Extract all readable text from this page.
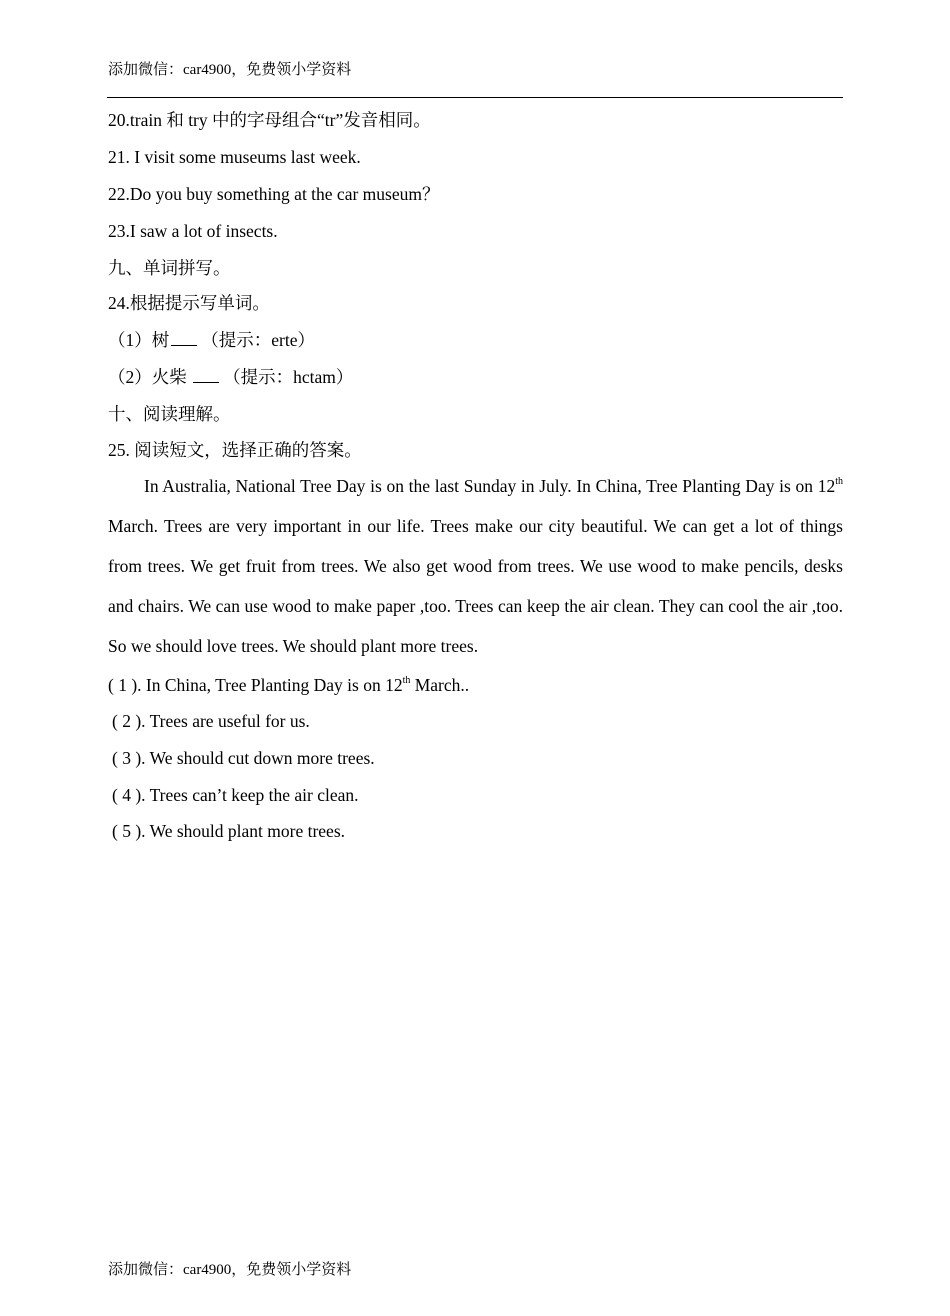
添加微信：car4900，免费领小学资料
20.train 和 try 中的字母组合“tr”发音相同。
21. I visit some museums last week.
22.Do you buy something at the car museum？
23.I saw a lot of insects.
九、单词拼写。
24.根据提示写单词。
（1）树 （提示：erte）
（2）火柴 （提示：hctam）
十、阅读理解。
25. 阅读短文，选择正确的答案。
In Australia, National Tree Day is on the last Sunday in July. In China, Tree Planting Day is on 12th March. Trees are very important in our life. Trees make our city beautiful. We can get a lot of things from trees. We get fruit from trees. We also get wood from trees. We use wood to make pencils, desks and chairs. We can use wood to make paper ,too. Trees can keep the air clean. They can cool the air ,too. So we should love trees. We should plant more trees.
( 1 ). In China, Tree Planting Day is on 12th March..
( 2 ). Trees are useful for us.
( 3 ). We should cut down more trees.
( 4 ). Trees can’t keep the air clean.
( 5 ). We should plant more trees.
添加微信：car4900，免费领小学资料
